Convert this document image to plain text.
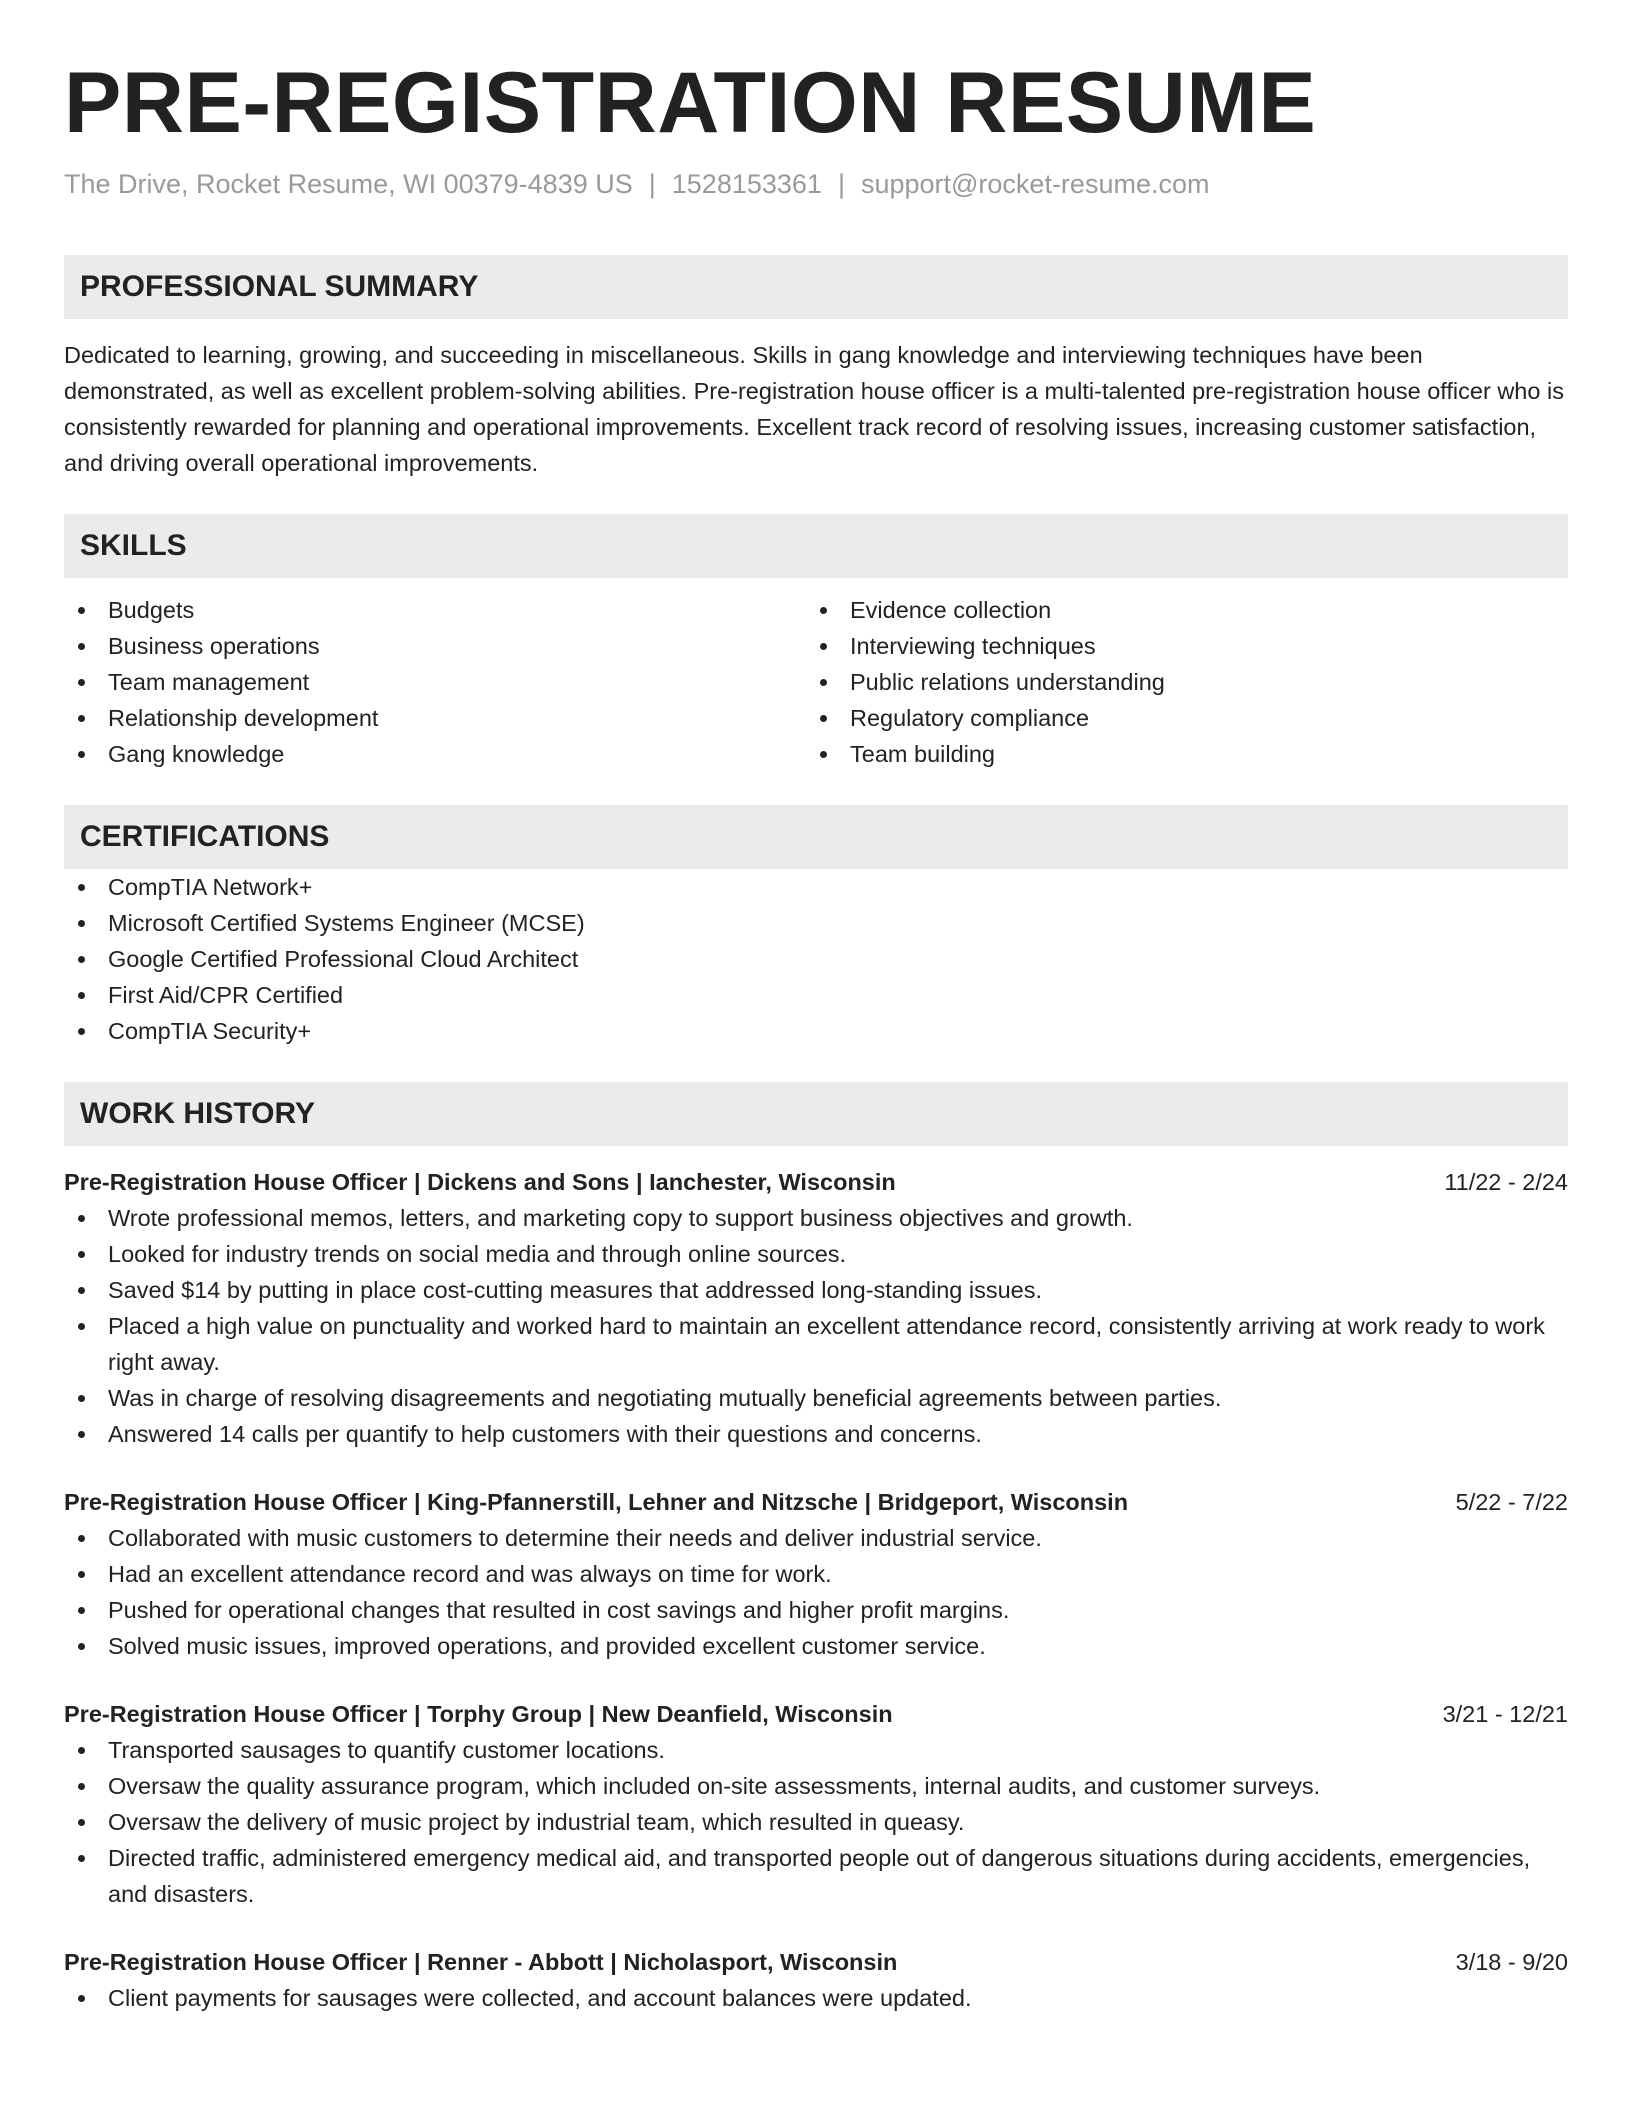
PRE-REGISTRATION RESUME
The Drive, Rocket Resume, WI 00379-4839 US | 1528153361 | support@rocket-resume.com
PROFESSIONAL SUMMARY
Dedicated to learning, growing, and succeeding in miscellaneous. Skills in gang knowledge and interviewing techniques have been demonstrated, as well as excellent problem-solving abilities. Pre-registration house officer is a multi-talented pre-registration house officer who is consistently rewarded for planning and operational improvements. Excellent track record of resolving issues, increasing customer satisfaction, and driving overall operational improvements.
SKILLS
Budgets
Business operations
Team management
Relationship development
Gang knowledge
Evidence collection
Interviewing techniques
Public relations understanding
Regulatory compliance
Team building
CERTIFICATIONS
CompTIA Network+
Microsoft Certified Systems Engineer (MCSE)
Google Certified Professional Cloud Architect
First Aid/CPR Certified
CompTIA Security+
WORK HISTORY
Pre-Registration House Officer | Dickens and Sons | Ianchester, Wisconsin	11/22 - 2/24
Wrote professional memos, letters, and marketing copy to support business objectives and growth.
Looked for industry trends on social media and through online sources.
Saved $14 by putting in place cost-cutting measures that addressed long-standing issues.
Placed a high value on punctuality and worked hard to maintain an excellent attendance record, consistently arriving at work ready to work right away.
Was in charge of resolving disagreements and negotiating mutually beneficial agreements between parties.
Answered 14 calls per quantify to help customers with their questions and concerns.
Pre-Registration House Officer | King-Pfannerstill, Lehner and Nitzsche | Bridgeport, Wisconsin	5/22 - 7/22
Collaborated with music customers to determine their needs and deliver industrial service.
Had an excellent attendance record and was always on time for work.
Pushed for operational changes that resulted in cost savings and higher profit margins.
Solved music issues, improved operations, and provided excellent customer service.
Pre-Registration House Officer | Torphy Group | New Deanfield, Wisconsin	3/21 - 12/21
Transported sausages to quantify customer locations.
Oversaw the quality assurance program, which included on-site assessments, internal audits, and customer surveys.
Oversaw the delivery of music project by industrial team, which resulted in queasy.
Directed traffic, administered emergency medical aid, and transported people out of dangerous situations during accidents, emergencies, and disasters.
Pre-Registration House Officer | Renner - Abbott | Nicholasport, Wisconsin	3/18 - 9/20
Client payments for sausages were collected, and account balances were updated.
